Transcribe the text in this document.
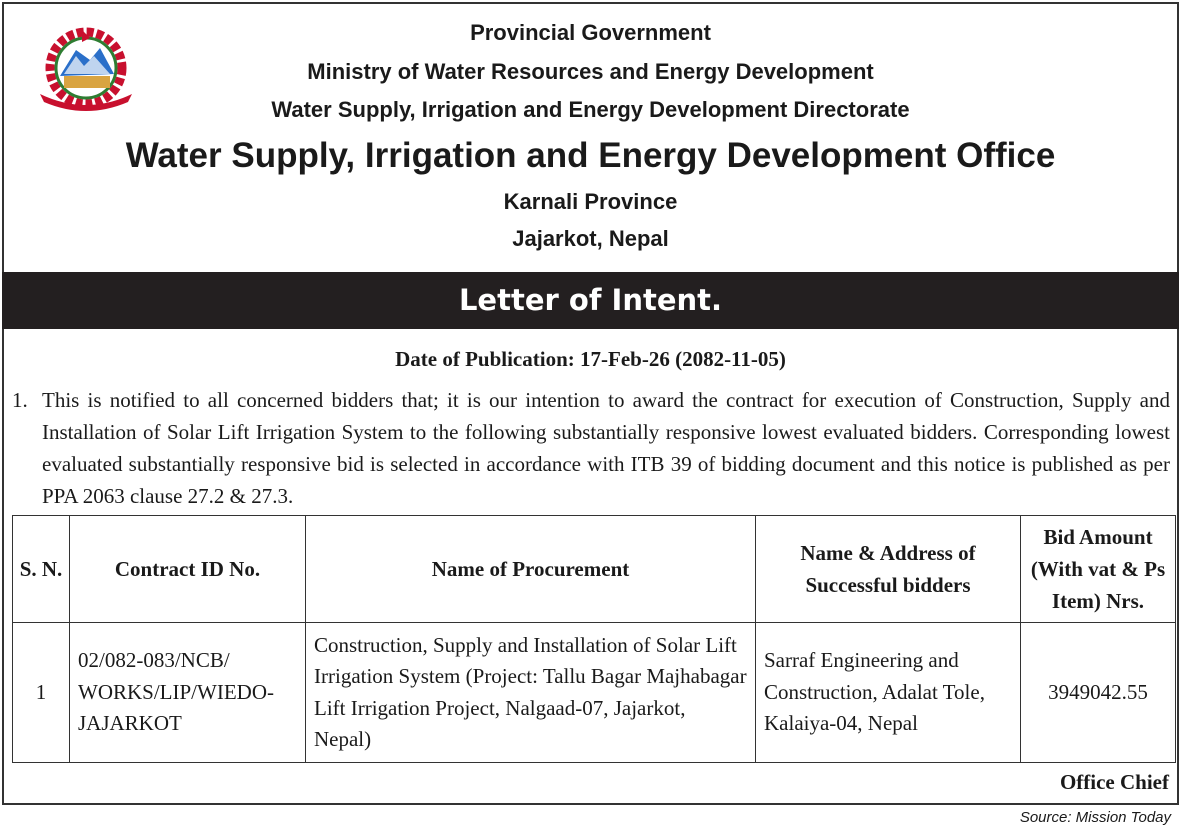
Provincial Government
Ministry of Water Resources and Energy Development
Water Supply, Irrigation and Energy Development Directorate
Water Supply, Irrigation and Energy Development Office
Karnali Province
Jajarkot, Nepal
Letter of Intent.
Date of Publication: 17-Feb-26 (2082-11-05)
1. This is notified to all concerned bidders that; it is our intention to award the contract for execution of Construction, Supply and Installation of Solar Lift Irrigation System to the following substantially responsive lowest evaluated bidders. Corresponding lowest evaluated substantially responsive bid is selected in accordance with ITB 39 of bidding document and this notice is published as per PPA 2063 clause 27.2 & 27.3.
S. N.	Contract ID No.	Name of Procurement	Name & Address of Successful bidders	Bid Amount (With vat & Ps Item) Nrs.
1	02/082-083/NCB/ WORKS/LIP/WIEDO-JAJARKOT	Construction, Supply and Installation of Solar Lift Irrigation System (Project: Tallu Bagar Majhabagar Lift Irrigation Project, Nalgaad-07, Jajarkot, Nepal)	Sarraf Engineering and Construction, Adalat Tole, Kalaiya-04, Nepal	3949042.55
Office Chief
Source: Mission Today
